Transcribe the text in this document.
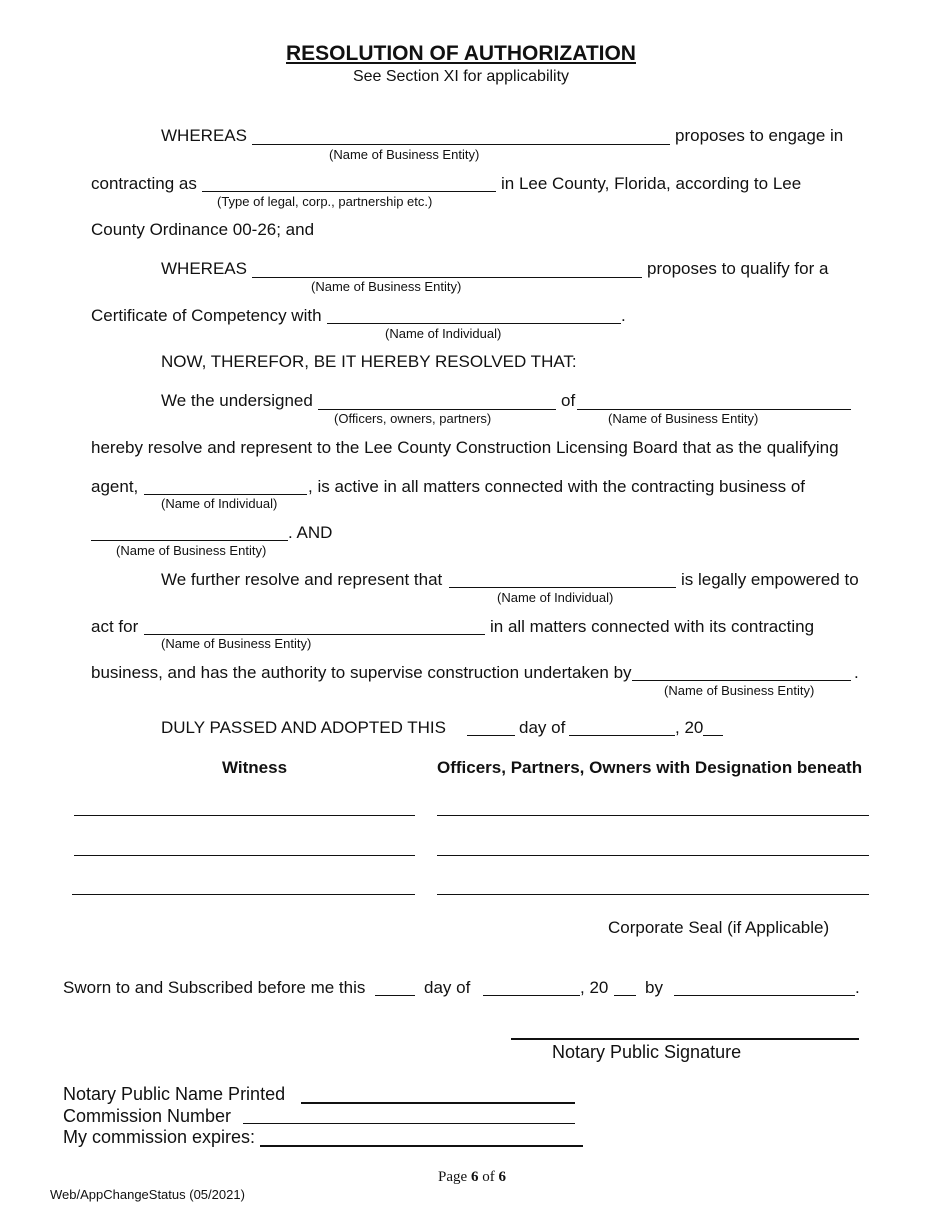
RESOLUTION OF AUTHORIZATION
See Section XI for applicability
WHEREAS	proposes to engage in
(Name of Business Entity)
contracting as	in Lee County, Florida, according to Lee
(Type of legal, corp., partnership etc.)
County Ordinance 00-26; and
WHEREAS	proposes to qualify for a
(Name of Business Entity)
Certificate of Competency with	.
(Name of Individual)
NOW, THEREFOR, BE IT HEREBY RESOLVED THAT:
We the undersigned	of
(Officers, owners, partners)	(Name of Business Entity)
hereby resolve and represent to the Lee County Construction Licensing Board that as the qualifying
agent,	, is active in all matters connected with the contracting business of
(Name of Individual)
. AND
(Name of Business Entity)
We further resolve and represent that	is legally empowered to
(Name of Individual)
act for	in all matters connected with its contracting
(Name of Business Entity)
business, and has the authority to supervise construction undertaken by	.
(Name of Business Entity)
DULY PASSED AND ADOPTED THIS	day of	, 20
Witness	Officers, Partners, Owners with Designation beneath
Corporate Seal (if Applicable)
Sworn to and Subscribed before me this	day of	, 20 by	.
Notary Public Signature
Notary Public Name Printed
Commission Number
My commission expires:
Page 6 of 6
Web/AppChangeStatus (05/2021)
